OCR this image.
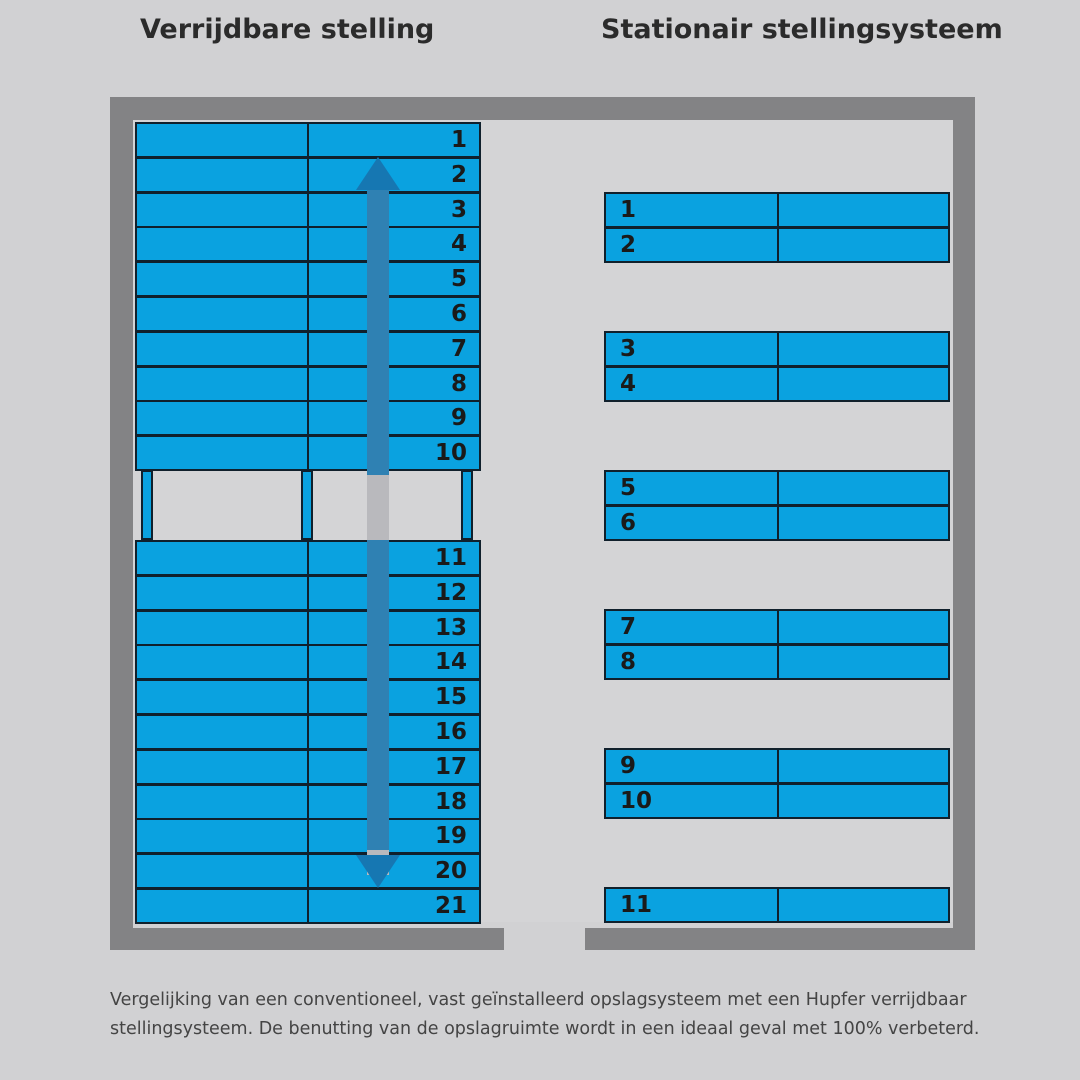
Verrijdbare stelling	Stationair stellingsysteem
1
2
3
4
5
6
7
8
9
10
11
12
13
14
15
16
17
18
19
20
21
1
2
3
4
5
6
7
8
9
10
11

Vergelijking van een conventioneel, vast geïnstalleerd opslagsysteem met een Hupfer verrijdbaar
stellingsysteem. De benutting van de opslagruimte wordt in een ideaal geval met 100% verbeterd.
